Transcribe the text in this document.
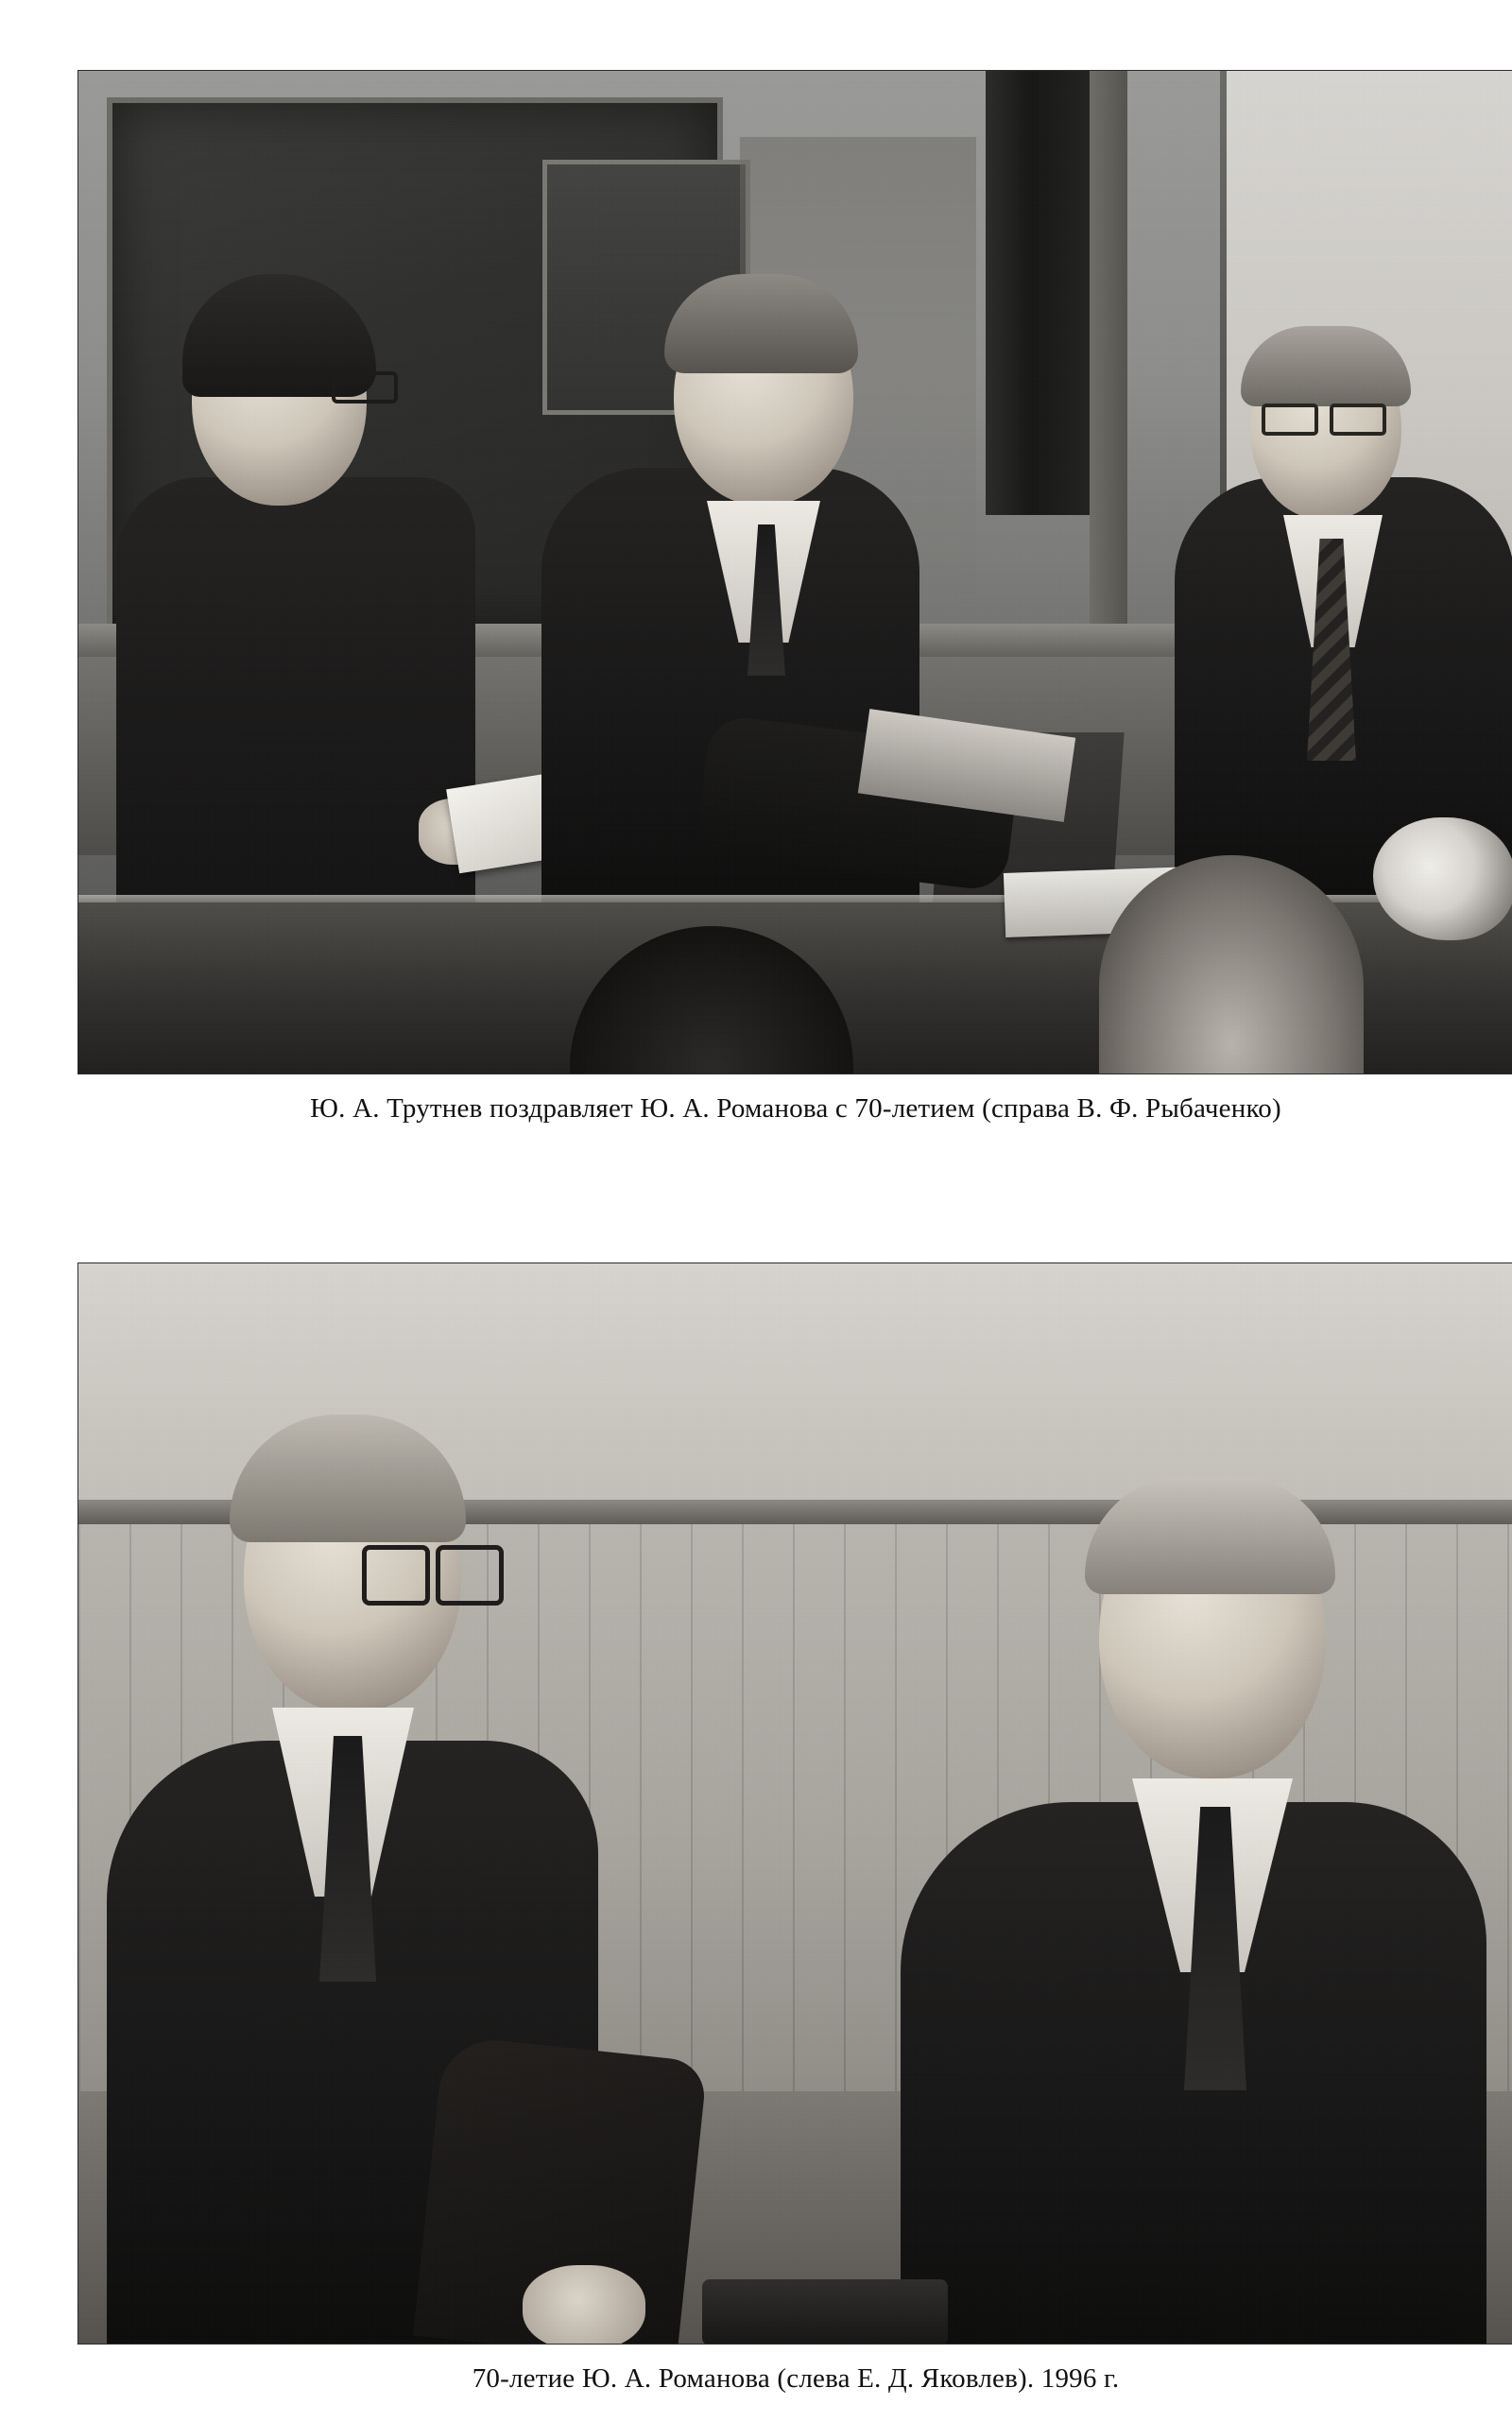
Ю. А. Трутнев поздравляет Ю. А. Романова с 70-летием (справа В. Ф. Рыбаченко)
70-летие Ю. А. Романова (слева Е. Д. Яковлев). 1996 г.
